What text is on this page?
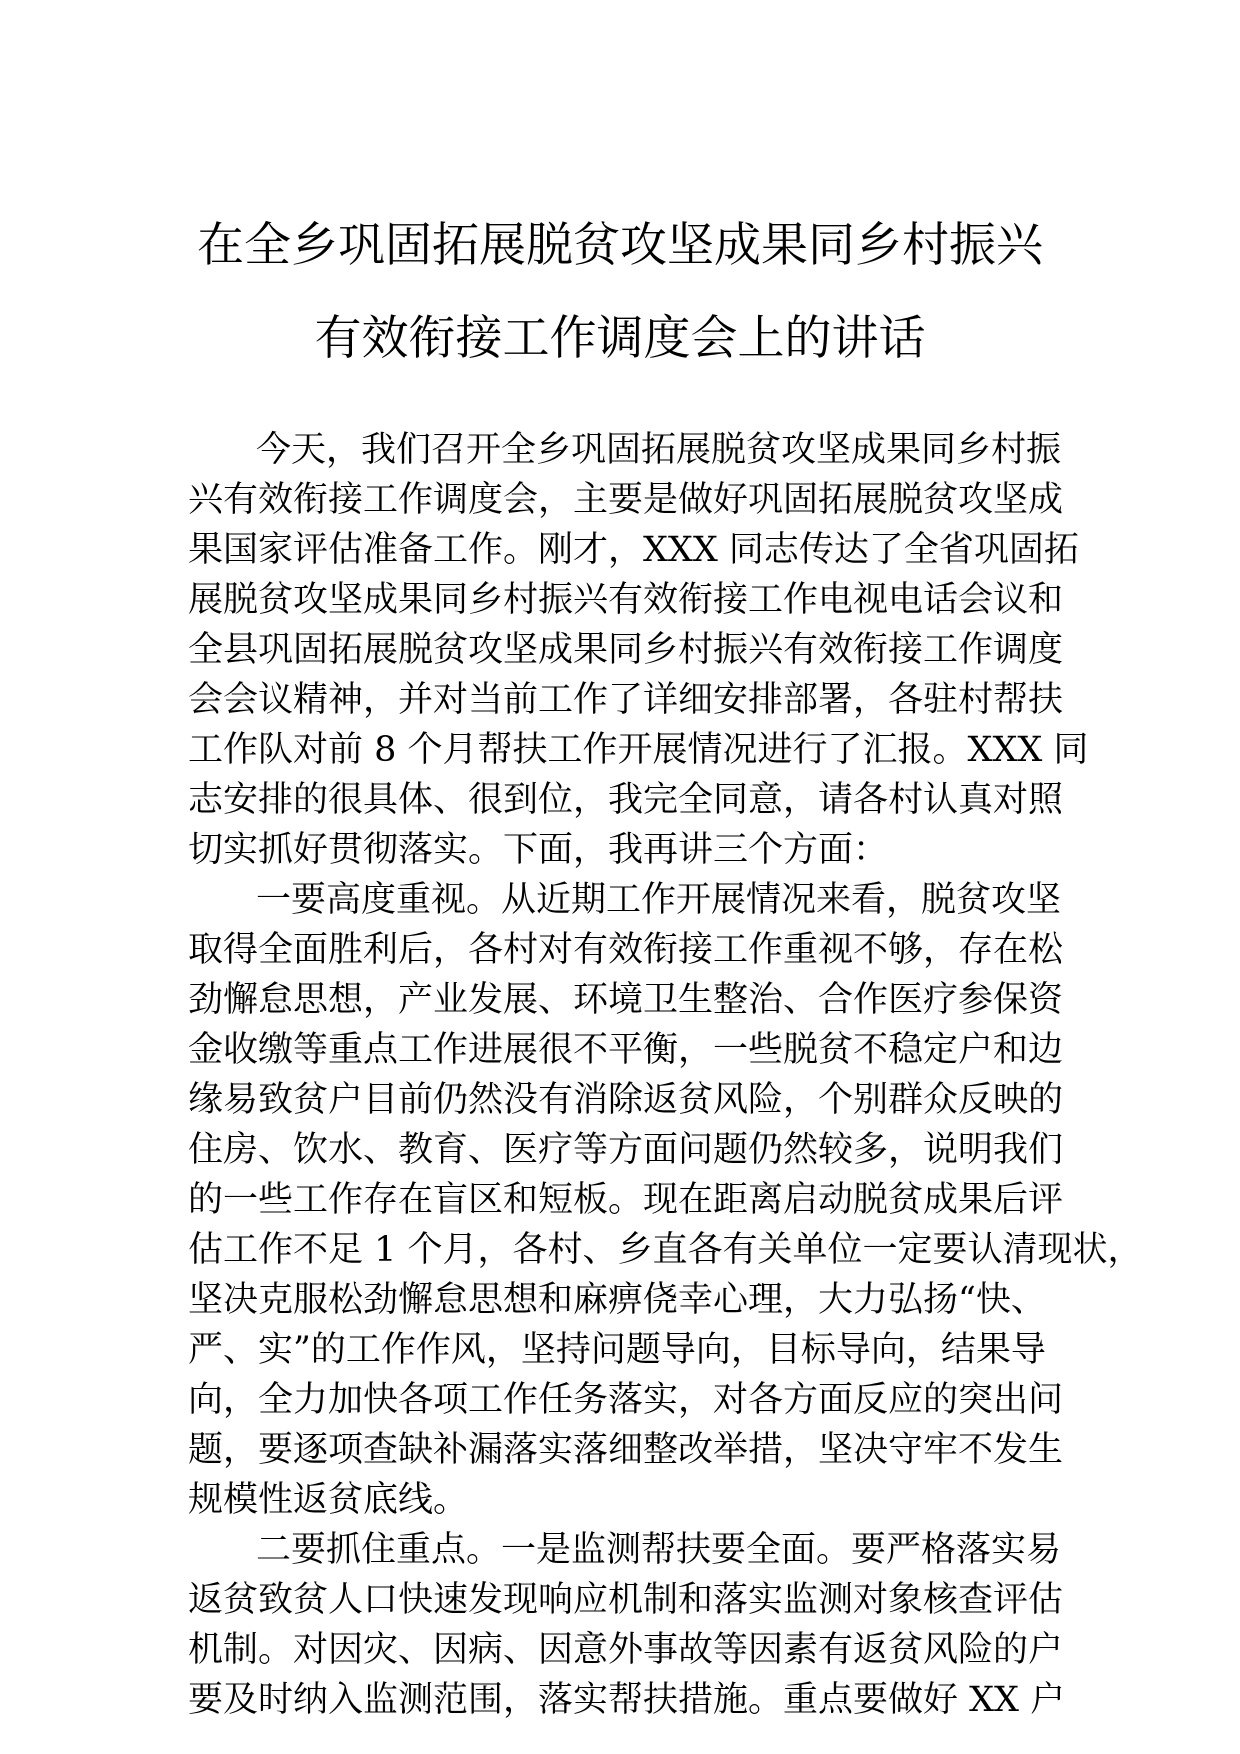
在全乡巩固拓展脱贫攻坚成果同乡村振兴
有效衔接工作调度会上的讲话
今天，我们召开全乡巩固拓展脱贫攻坚成果同乡村振
兴有效衔接工作调度会，主要是做好巩固拓展脱贫攻坚成
果国家评估准备工作。刚才，XXX 同志传达了全省巩固拓
展脱贫攻坚成果同乡村振兴有效衔接工作电视电话会议和
全县巩固拓展脱贫攻坚成果同乡村振兴有效衔接工作调度
会会议精神，并对当前工作了详细安排部署，各驻村帮扶
工作队对前 8 个月帮扶工作开展情况进行了汇报。XXX 同
志安排的很具体、很到位，我完全同意，请各村认真对照
切实抓好贯彻落实。下面，我再讲三个方面：
一要高度重视。从近期工作开展情况来看，脱贫攻坚
取得全面胜利后，各村对有效衔接工作重视不够，存在松
劲懈怠思想，产业发展、环境卫生整治、合作医疗参保资
金收缴等重点工作进展很不平衡，一些脱贫不稳定户和边
缘易致贫户目前仍然没有消除返贫风险，个别群众反映的
住房、饮水、教育、医疗等方面问题仍然较多，说明我们
的一些工作存在盲区和短板。现在距离启动脱贫成果后评
估工作不足 1 个月，各村、乡直各有关单位一定要认清现状，
坚决克服松劲懈怠思想和麻痹侥幸心理，大力弘扬“快、
严、实”的工作作风，坚持问题导向，目标导向，结果导
向，全力加快各项工作任务落实，对各方面反应的突出问
题，要逐项查缺补漏落实落细整改举措，坚决守牢不发生
规模性返贫底线。
二要抓住重点。一是监测帮扶要全面。要严格落实易
返贫致贫人口快速发现响应机制和落实监测对象核查评估
机制。对因灾、因病、因意外事故等因素有返贫风险的户
要及时纳入监测范围，落实帮扶措施。重点要做好 XX 户
